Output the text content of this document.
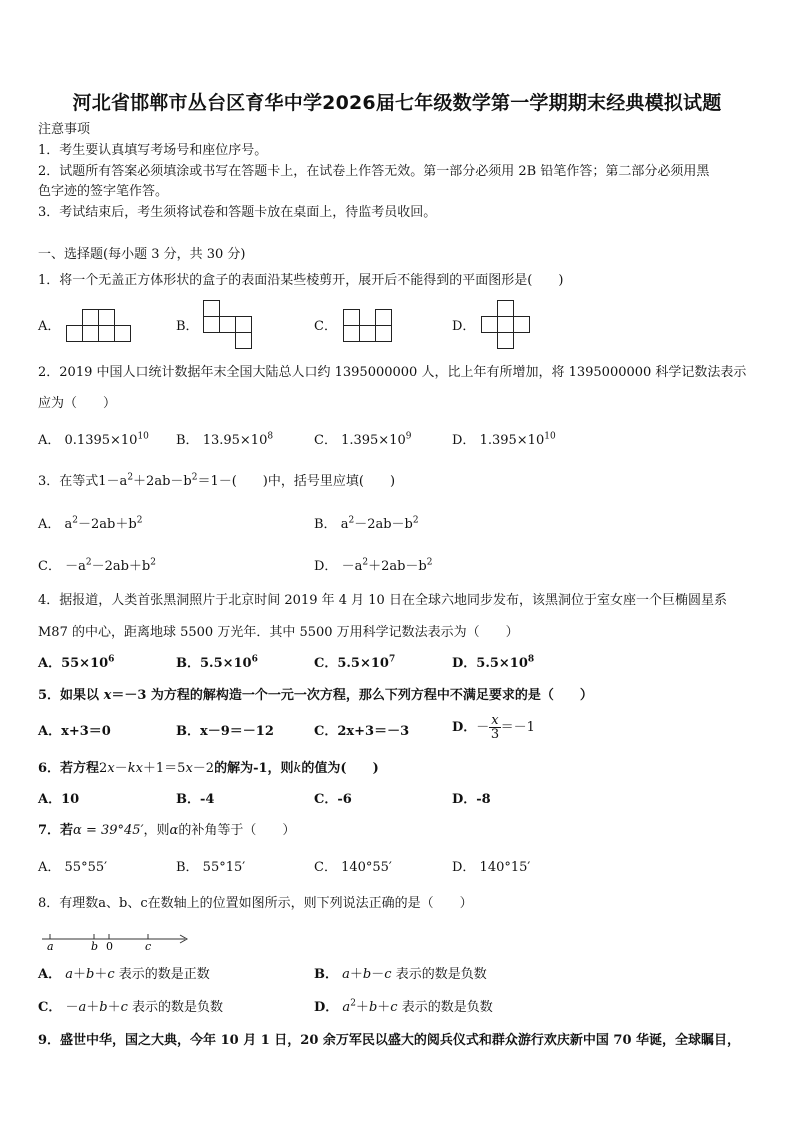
河北省邯郸市丛台区育华中学2026届七年级数学第一学期期末经典模拟试题
注意事项
1．考生要认真填写考场号和座位序号。
2．试题所有答案必须填涂或书写在答题卡上，在试卷上作答无效。第一部分必须用 2B 铅笔作答；第二部分必须用黑
色字迹的签字笔作答。
3．考试结束后，考生须将试卷和答题卡放在桌面上，待监考员收回。
一、选择题(每小题 3 分，共 30 分)
1．将一个无盖正方体形状的盒子的表面沿某些棱剪开，展开后不能得到的平面图形是(　　)
A．	B．	C．	D．
2．2019 中国人口统计数据年末全国大陆总人口约 1395000000 人，比上年有所增加，将 1395000000 科学记数法表示
应为（　　）
A． $0.1395\times 10^{10}$ B． $13.95\times 10^8$	C． $1.395\times 10^9$	D． $1.395\times 10^{10}$
3．在等式$1-a^2+2ab-b^2=1-$(　　)中，括号里应填(　　)
A． $a^2-2ab+b^2$	B． $a^2-2ab-b^2$
C． $-a^2-2ab+b^2$	D． $-a^2+2ab-b^2$
4．据报道，人类首张黑洞照片于北京时间 2019 年 4 月 10 日在全球六地同步发布，该黑洞位于室女座一个巨椭圆星系
M87 的中心，距离地球 5500 万光年．其中 5500 万用科学记数法表示为（　　）
A．$55\times 10^6$	B．$5.5\times 10^6$	C．$5.5\times 10^7$	D．$5.5\times 10^8$
5．如果以 x＝－3 为方程的解构造一个一元一次方程，那么下列方程中不满足要求的是（　　）
A．x+3＝0	B．x－9＝－12	C．2x+3＝－3	D．－ $\frac{x}{3} =-1$
6．若方程2x－kx＋1＝5x－2的解为-1，则k的值为(　　)
A．10	B．-4	C．-6	D．-8
7．若α = 39°45′，则α的补角等于（　　）
A． 55°55′	B． 55°15′	C． 140°55′	D． 140°15′
8．有理数a、b、c在数轴上的位置如图所示，则下列说法正确的是（　　）
a	b 0	c
A． a＋b＋c 表示的数是正数	B． a＋b－c 表示的数是负数
C． －a＋b＋c 表示的数是负数	D． $a^2+b+c$ 表示的数是负数
9．盛世中华，国之大典，今年 10 月 1 日，20 余万军民以盛大的阅兵仪式和群众游行欢庆新中国 70 华诞，全球瞩目，
